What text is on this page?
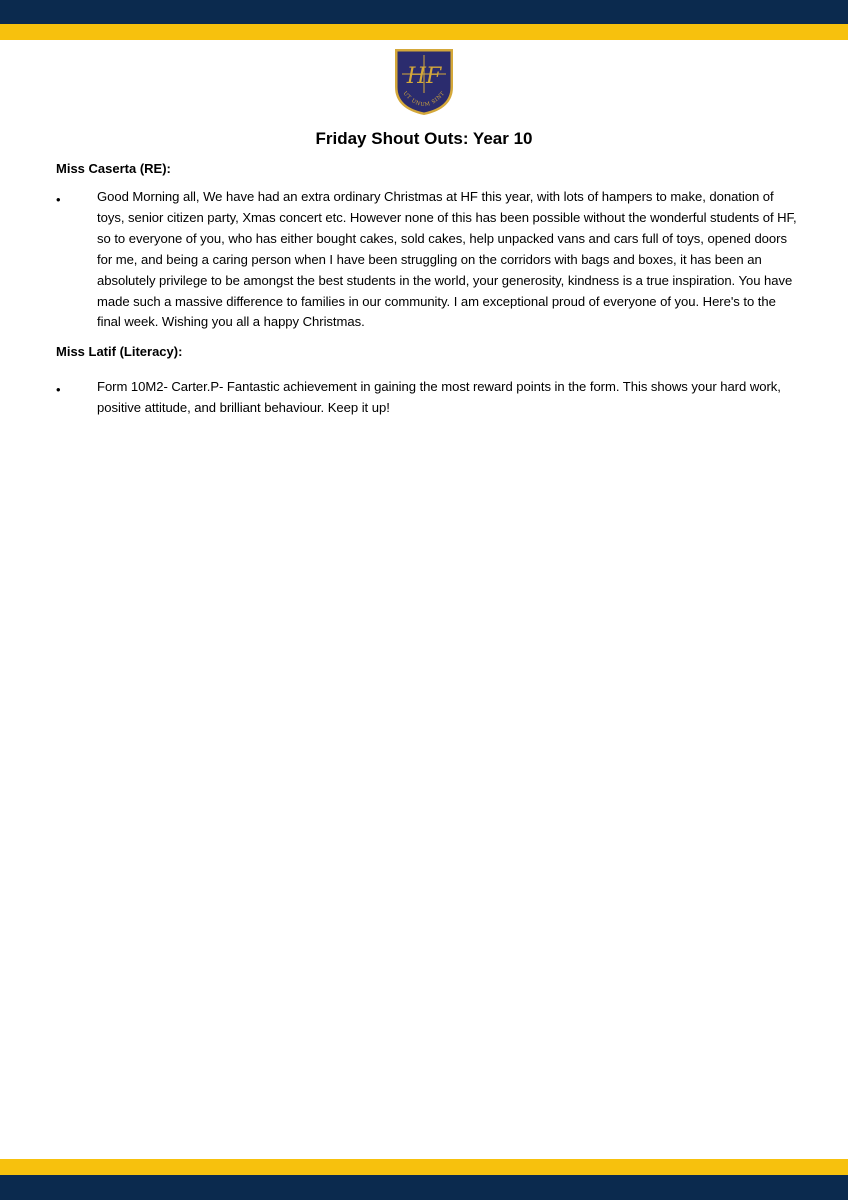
HF
UT UNUM SINT
Friday Shout Outs: Year 10
Miss Caserta (RE):
•	Good Morning all, We have had an extra ordinary Christmas at HF this year, with lots of hampers to make, donation of toys, senior citizen party, Xmas concert etc. However none of this has been possible without the wonderful students of HF, so to everyone of you, who has either bought cakes, sold cakes, help unpacked vans and cars full of toys, opened doors for me, and being a caring person when I have been struggling on the corridors with bags and boxes, it has been an absolutely privilege to be amongst the best students in the world, your generosity, kindness is a true inspiration. You have made such a massive difference to families in our community. I am exceptional proud of everyone of you. Here's to the final week. Wishing you all a happy Christmas.
Miss Latif (Literacy):
•	Form 10M2- Carter.P- Fantastic achievement in gaining the most reward points in the form. This shows your hard work, positive attitude, and brilliant behaviour. Keep it up!
